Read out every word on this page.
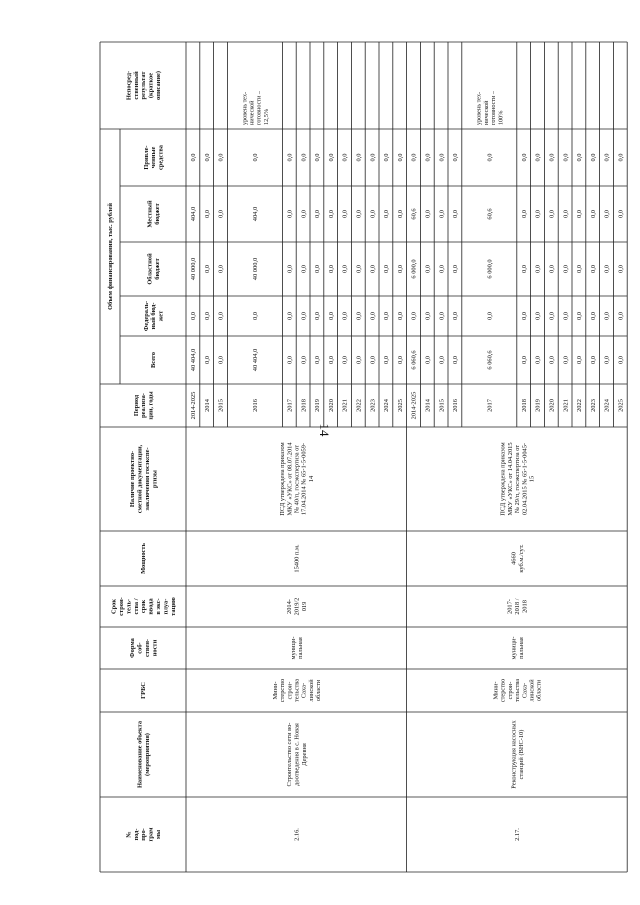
14
№под-про-граммы
Наименование объекта(мероприятия)
ГРБС
Формасоб-ствен-ности
Срокстрои-тель-ства /сроквводав экс-плуа-тацию
Мощность
Наличие проектно-сметной документации,заключения госэкспе-ртизы
Периодреализа-ции, годы
Всего
Федераль-ный бюд-жет
Областнойбюджет
Местныйбюджет
Привле-ченныесредства
Непосред-ственныйрезультат(краткоеописание)
Объем финансирования, тыс. рублей
2014-2025
40 404,0
0,0
40 000,0
404,0
0,0
2014
0,0
0,0
0,0
0,0
0,0
2015
0,0
0,0
0,0
0,0
0,0
2016
40 404,0
0,0
40 000,0
404,0
0,0
уровень тех-ническойготовности –12,5%
2017
0,0
0,0
0,0
0,0
0,0
2018
0,0
0,0
0,0
0,0
0,0
2019
0,0
0,0
0,0
0,0
0,0
2020
0,0
0,0
0,0
0,0
0,0
2021
0,0
0,0
0,0
0,0
0,0
2022
0,0
0,0
0,0
0,0
0,0
2023
0,0
0,0
0,0
0,0
0,0
2024
0,0
0,0
0,0
0,0
0,0
2025
0,0
0,0
0,0
0,0
0,0
2.16.
Строительство сети во-доотведения в с. НоваяДеревня
Мини-стерствострои-тельстваСаха-линскойобласти
муници-пальная
2014-2019/2019
15400 п.м.
ПСД утверждена приказомМКУ «УКС» от 08.07.2014№ 40/п, госэкспертиза от17.04.2014 № 65-1-5-0059-14
2014-2025
6 060,6
0,0
6 000,0
60,6
0,0
2014
0,0
0,0
0,0
0,0
0,0
2015
0,0
0,0
0,0
0,0
0,0
2016
0,0
0,0
0,0
0,0
0,0
2017
6 060,6
0,0
6 000,0
60,6
0,0
уровень тех-ническойготовности –100%
2018
0,0
0,0
0,0
0,0
0,0
2019
0,0
0,0
0,0
0,0
0,0
2020
0,0
0,0
0,0
0,0
0,0
2021
0,0
0,0
0,0
0,0
0,0
2022
0,0
0,0
0,0
0,0
0,0
2023
0,0
0,0
0,0
0,0
0,0
2024
0,0
0,0
0,0
0,0
0,0
2025
0,0
0,0
0,0
0,0
0,0
2.17.
Реконструкция насосныхстанций (ВНС-10)
Мини-стерствострои-тельстваСаха-линскойобласти
муници-пальная
2017-2018 /2018
4660куб.м./сут.
ПСД утверждена приказомМКУ «УКС» от 14.04.2015№ 29/п, госэкспертиза от02.04.2015 № 65-1-5-0045-15
